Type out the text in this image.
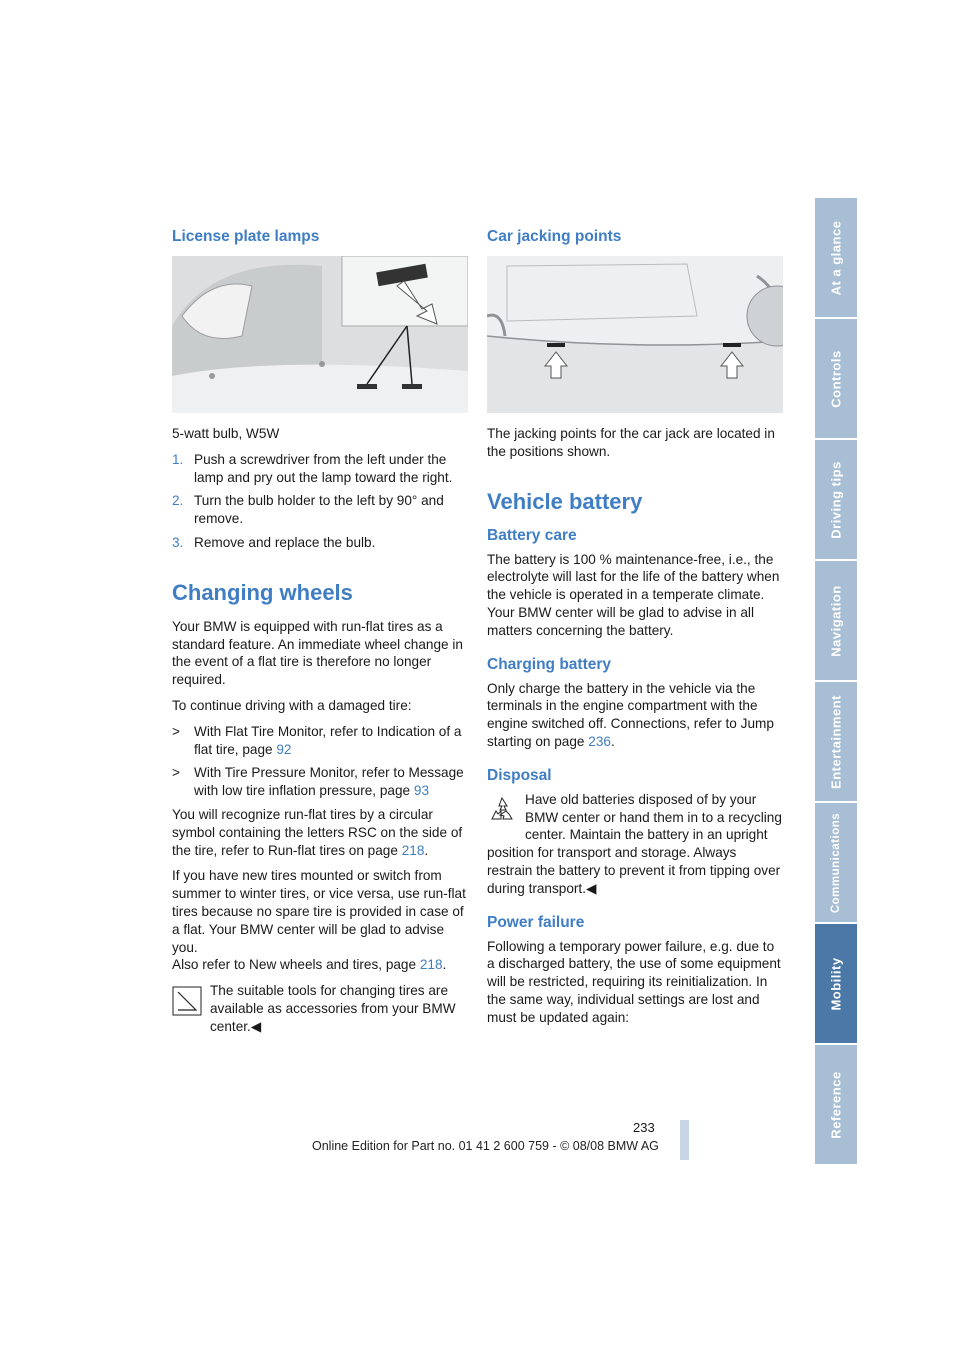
License plate lamps

5-watt bulb, W5W

1. Push a screwdriver from the left under the lamp and pry out the lamp toward the right.
2. Turn the bulb holder to the left by 90° and remove.
3. Remove and replace the bulb.
Changing wheels

Your BMW is equipped with run-flat tires as a standard feature. An immediate wheel change in the event of a flat tire is therefore no longer required.

To continue driving with a damaged tire:

>	With Flat Tire Monitor, refer to Indication of a flat tire, page 92
>	With Tire Pressure Monitor, refer to Message with low tire inflation pressure, page 93

You will recognize run-flat tires by a circular symbol containing the letters RSC on the side of the tire, refer to Run-flat tires on page 218.

If you have new tires mounted or switch from summer to winter tires, or vice versa, use run-flat tires because no spare tire is provided in case of a flat. Your BMW center will be glad to advise you.

Also refer to New wheels and tires, page 218.

The suitable tools for changing tires are available as accessories from your BMW center.◀
Car jacking points

The jacking points for the car jack are located in the positions shown.

Vehicle battery
Battery care

The battery is 100 % maintenance-free, i.e., the electrolyte will last for the life of the battery when the vehicle is operated in a temperate climate.

Your BMW center will be glad to advise in all matters concerning the battery.

Charging battery

Only charge the battery in the vehicle via the terminals in the engine compartment with the engine switched off. Connections, refer to Jump starting on page 236.

Disposal
Have old batteries disposed of by your BMW center or hand them in to a recycling center. Maintain the battery in an upright position for transport and storage. Always restrain the battery to prevent it from tipping over during transport.◀
Power failure

Following a temporary power failure, e.g. due to a discharged battery, the use of some equipment will be restricted, requiring its reinitialization. In the same way, individual settings are lost and must be updated again:

At a glance
Controls
Driving tips
Navigation
Entertainment
Communications
Mobility
Reference
233
Online Edition for Part no. 01 41 2 600 759 - © 08/08 BMW AG
